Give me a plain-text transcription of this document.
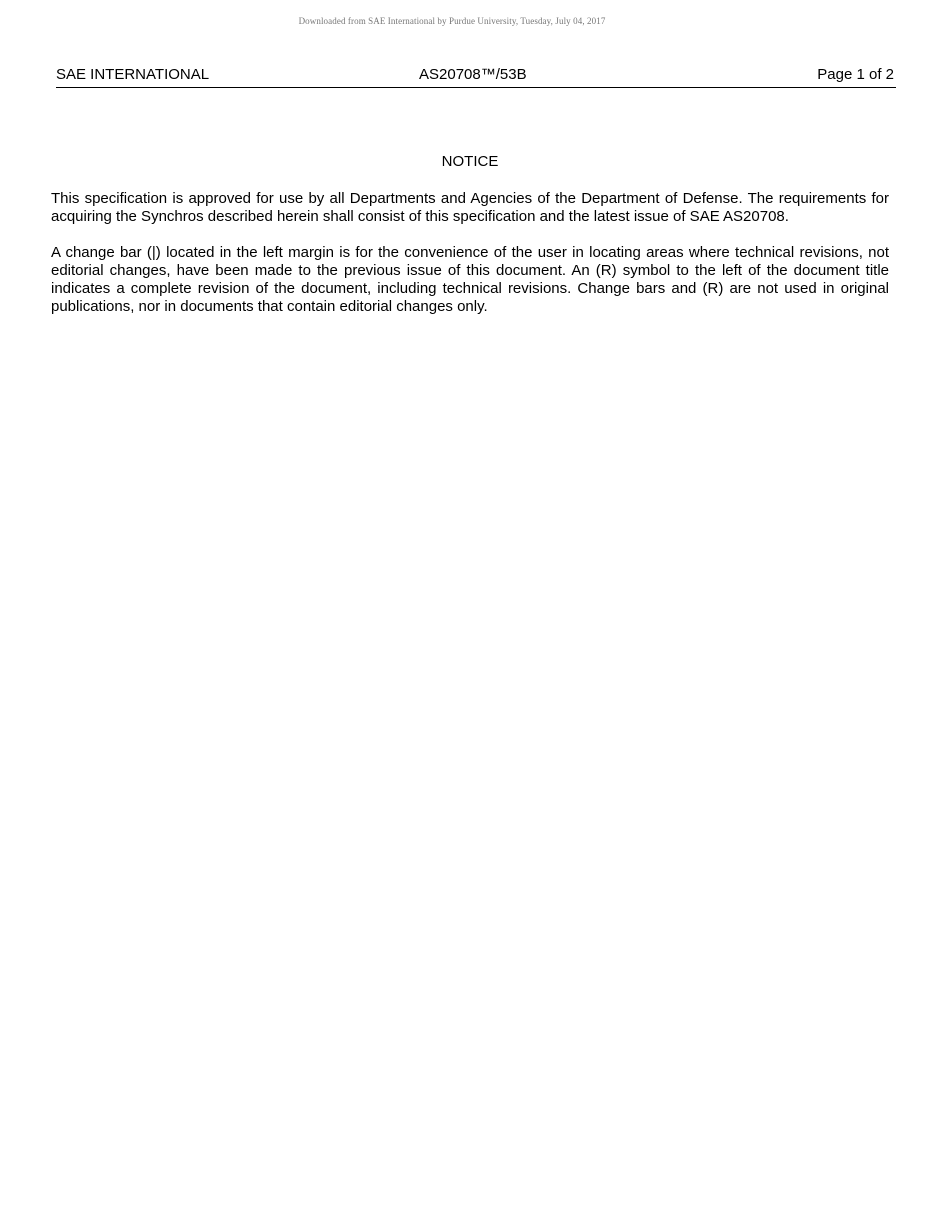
Downloaded from SAE International by Purdue University, Tuesday, July 04, 2017
SAE INTERNATIONAL	AS20708™/53B	Page 1 of 2
NOTICE

This specification is approved for use by all Departments and Agencies of the Department of Defense. The requirements for acquiring the Synchros described herein shall consist of this specification and the latest issue of SAE AS20708.

A change bar (|) located in the left margin is for the convenience of the user in locating areas where technical revisions, not editorial changes, have been made to the previous issue of this document. An (R) symbol to the left of the document title indicates a complete revision of the document, including technical revisions. Change bars and (R) are not used in original publications, nor in documents that contain editorial changes only.
